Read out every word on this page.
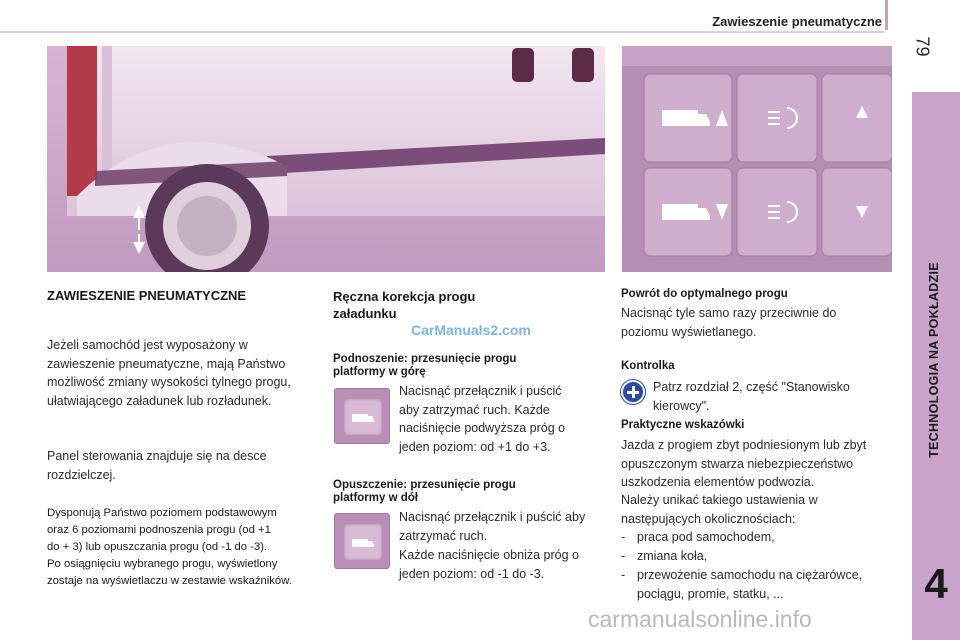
Zawieszenie pneumatyczne
79
TECHNOLOGIA NA POKŁADZIE
4
ZAWIESZENIE PNEUMATYCZNE
Jeżeli samochód jest wyposażony w
zawieszenie pneumatyczne, mają Państwo
możliwość zmiany wysokości tylnego progu,
ułatwiającego załadunek lub rozładunek.
Panel sterowania znajduje się na desce
rozdzielczej.
Dysponują Państwo poziomem podstawowym
oraz 6 poziomami podnoszenia progu (od +1
do + 3) lub opuszczania progu (od -1 do -3).
Po osiągnięciu wybranego progu, wyświetlony
zostaje na wyświetlaczu w zestawie wskaźników.
Ręczna korekcja progu
załadunku
CarManuals2.com
Podnoszenie: przesunięcie progu
platformy w górę
Nacisnąć przełącznik i puścić
aby zatrzymać ruch. Każde
naciśnięcie podwyższa próg o
jeden poziom: od +1 do +3.
Opuszczenie: przesunięcie progu
platformy w dół
Nacisnąć przełącznik i puścić aby
zatrzymać ruch.
Każde naciśnięcie obniża próg o
jeden poziom: od -1 do -3.
Powrót do optymalnego progu
Nacisnąć tyle samo razy przeciwnie do
poziomu wyświetlanego.
Kontrolka
Patrz rozdział 2, część "Stanowisko
kierowcy".
Praktyczne wskazówki
Jazda z progiem zbyt podniesionym lub zbyt
opuszczonym stwarza niebezpieczeństwo
uszkodzenia elementów podwozia.
Należy unikać takiego ustawienia w
następujących okolicznościach:
- praca pod samochodem,
- zmiana koła,
- przewożenie samochodu na ciężarówce,
pociągu, promie, statku, ...
carmanualsonline.info
